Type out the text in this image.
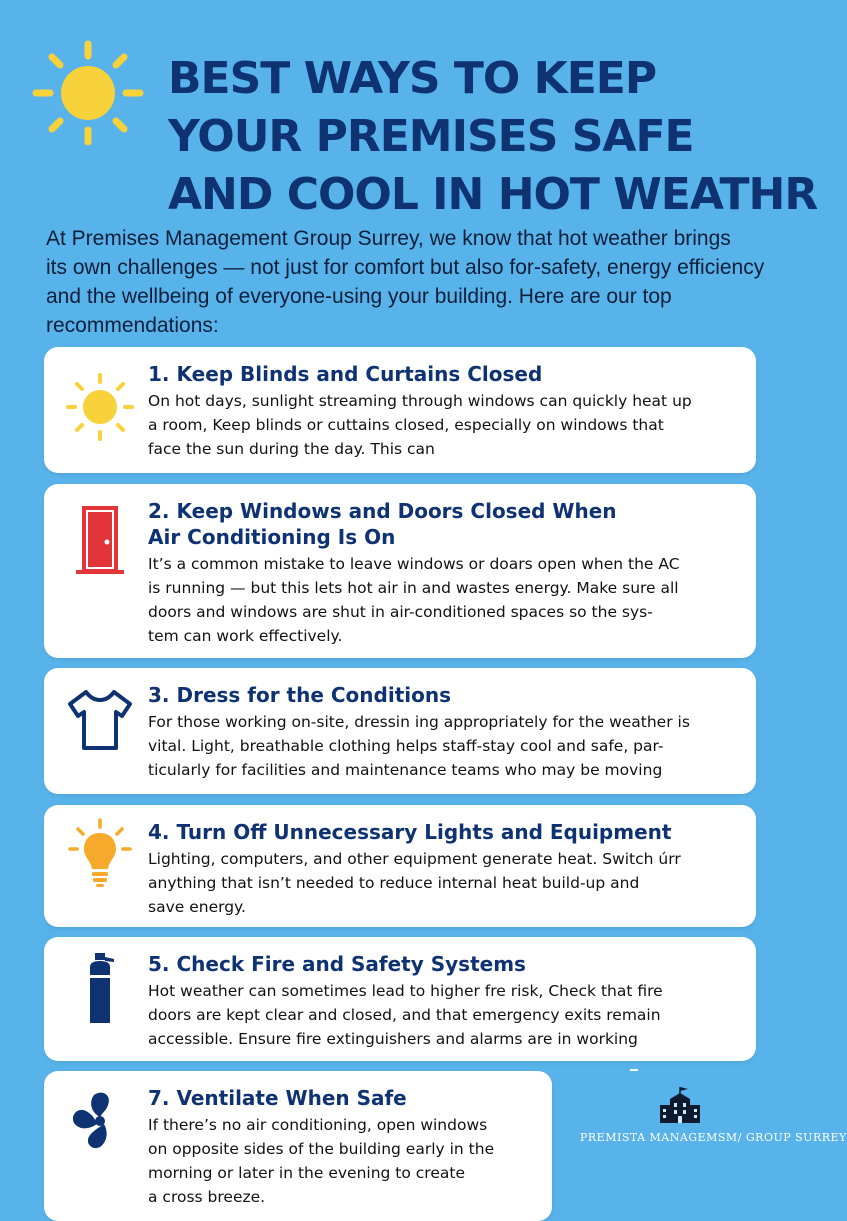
BEST WAYS TO KEEP
YOUR PREMISES SAFE
AND COOL IN HOT WEATHR

At Premises Management Group Surrey, we know that hot weather brings
its own challenges — not just for comfort but also for-safety, energy efficiency
and the wellbeing of everyone-using your building. Here are our top
recommendations:

1. Keep Blinds and Curtains Closed

On hot days, sunlight streaming through windows can quickly heat up
a room, Keep blinds or cuttains closed, especially on windows that
face the sun during the day. This can

2. Keep Windows and Doors Closed When
Air Conditioning Is On

It’s a common mistake to leave windows or doars open when the AC
is running — but this lets hot air in and wastes energy. Make sure all
doors and windows are shut in air-conditioned spaces so the sys-
tem can work effectively.

3. Dress for the Conditions

For those working on-site, dressin ing appropriately for the weather is
vital. Light, breathable clothing helps staff-stay cool and safe, par-
ticularly for facilities and maintenance teams who may be moving

4. Turn Off Unnecessary Lights and Equipment

Lighting, computers, and other equipment generate heat. Switch úrr
anything that isn’t needed to reduce internal heat build-up and
save energy.

5. Check Fire and Safety Systems

Hot weather can sometimes lead to higher fre risk, Check that fire
doors are kept clear and closed, and that emergency exits remain
accessible. Ensure fire extinguishers and alarms are in working

7. Ventilate When Safe

If there’s no air conditioning, open windows
on opposite sides of the building early in the
morning or later in the evening to create
a cross breeze.

PREMISTA MANAGEMSM/ GROUP SURREY
